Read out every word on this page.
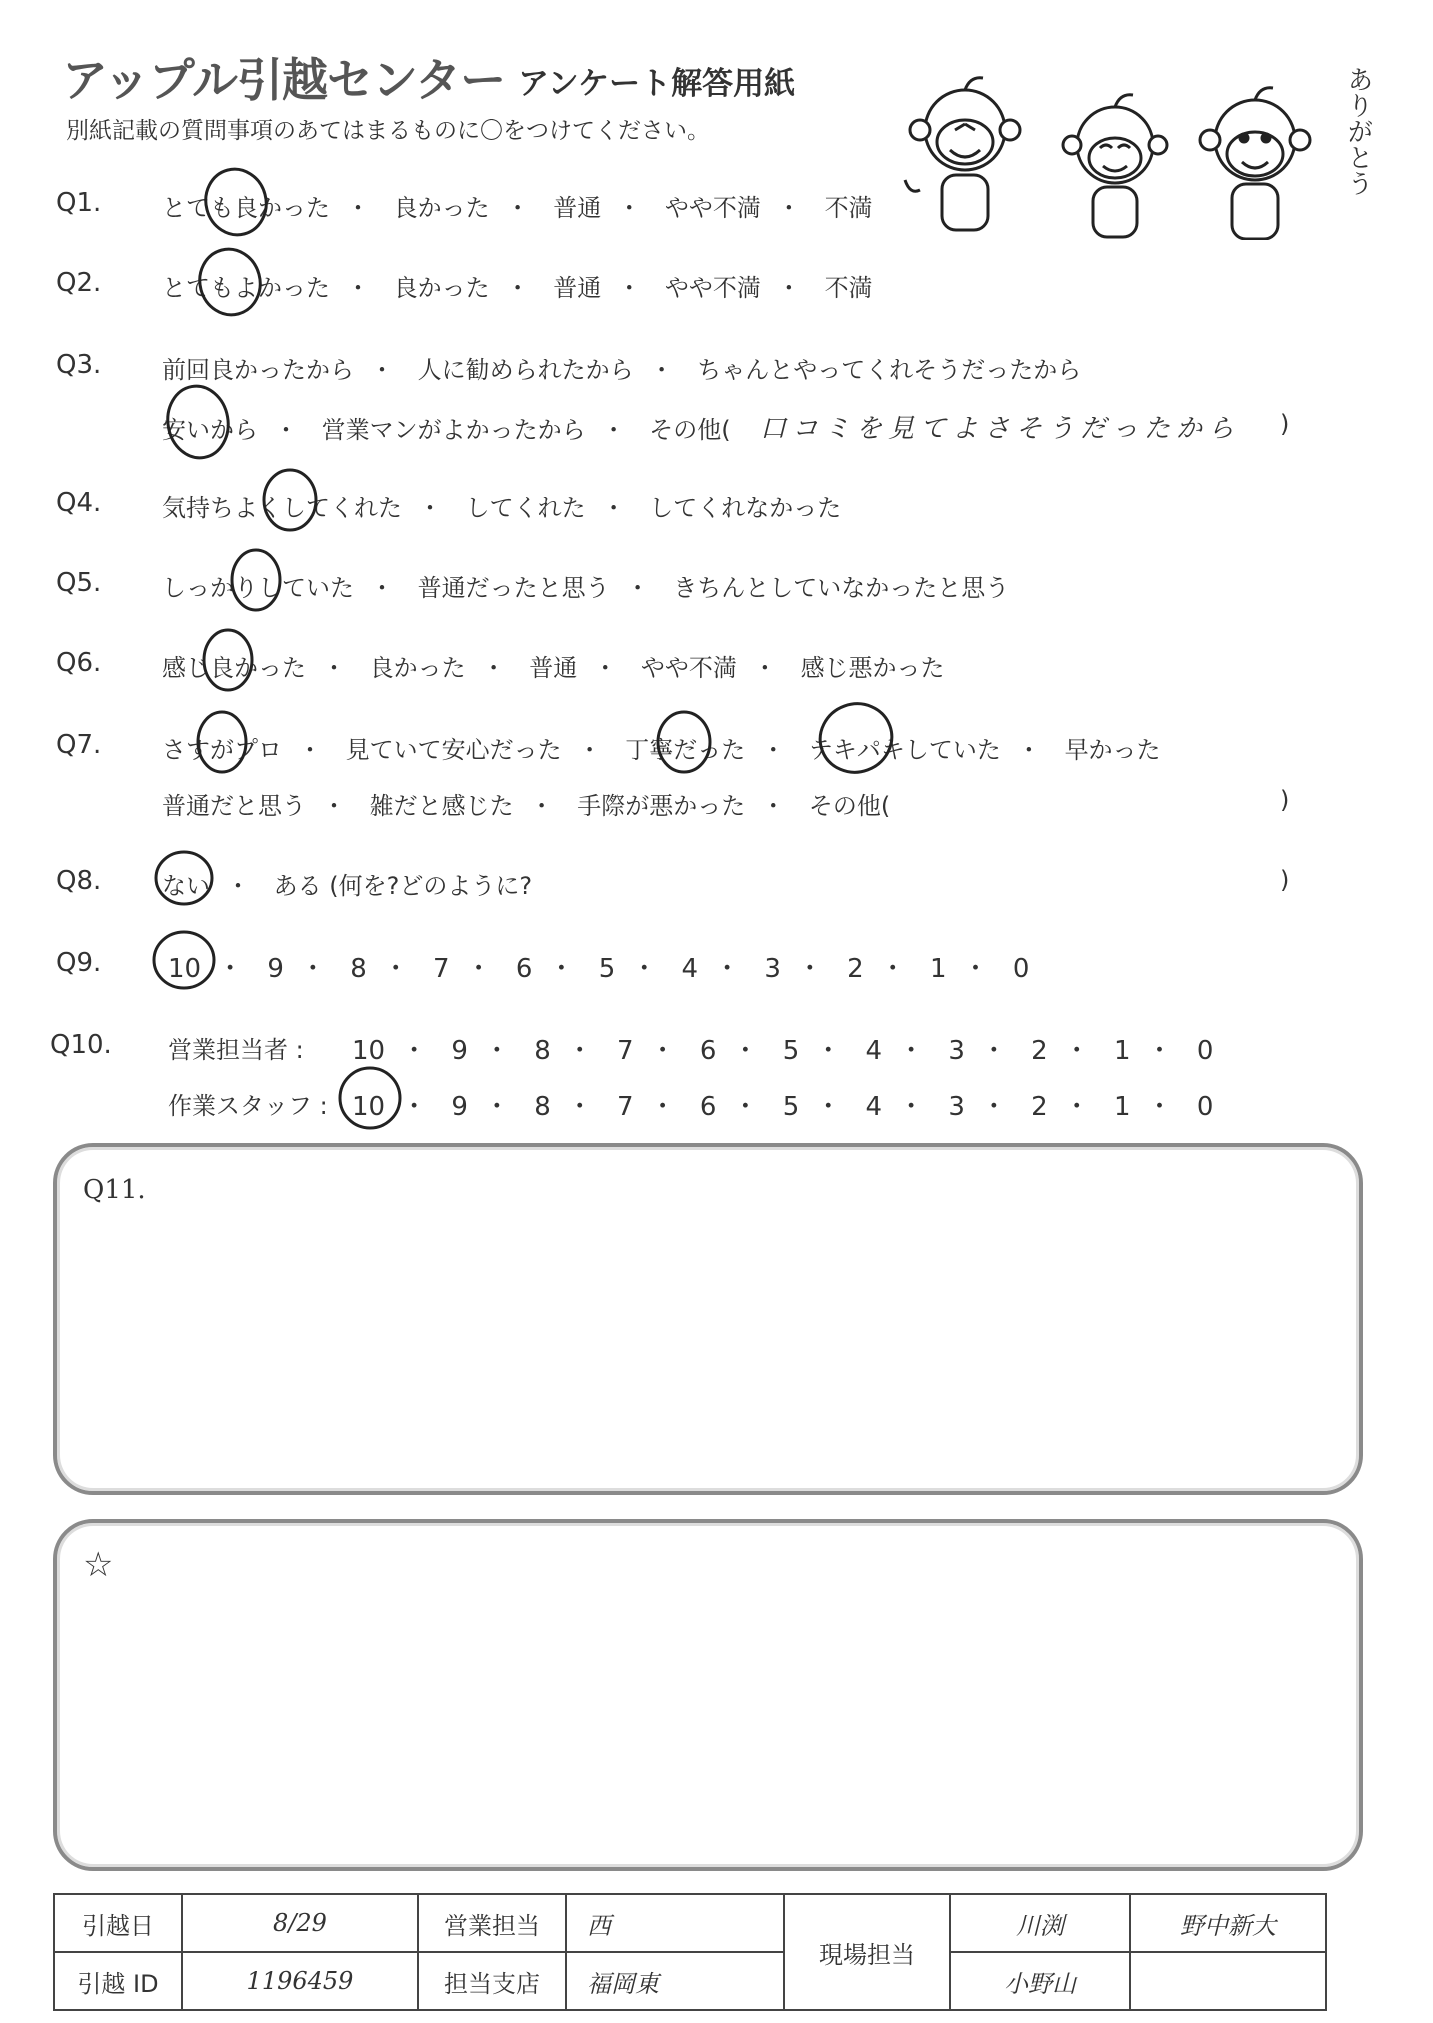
アップル引越センター アンケート解答用紙
別紙記載の質問事項のあてはまるものに〇をつけてください。	ありがとう
Q1.	とても良かった ・ 良かった ・ 普通 ・ やや不満 ・ 不満
Q2.	とてもよかった ・ 良かった ・ 普通 ・ やや不満 ・ 不満
Q3.	前回良かったから ・ 人に勧められたから ・ ちゃんとやってくれそうだったから
安いから ・ 営業マンがよかったから ・ その他( 口コミを見てよさそうだったから )
Q4.	気持ちよくしてくれた ・ してくれた ・ してくれなかった
Q5.	しっかりしていた ・ 普通だったと思う ・ きちんとしていなかったと思う
Q6.	感じ良かった ・ 良かった ・ 普通 ・ やや不満 ・ 感じ悪かった
Q7.	さすがプロ ・ 見ていて安心だった ・ 丁寧だった ・ テキパキしていた ・ 早かった
普通だと思う ・ 雑だと感じた ・ 手際が悪かった ・ その他(	)
Q8.	ない ・ ある (何を?どのように?	)
Q9.	10 ・ 9 ・ 8 ・ 7 ・ 6 ・ 5 ・ 4 ・ 3 ・ 2 ・ 1 ・ 0
Q10. 営業担当者 : 10 ・ 9 ・ 8 ・ 7 ・ 6 ・ 5 ・ 4 ・ 3 ・ 2 ・ 1 ・ 0
作業スタッフ : 10 ・ 9 ・ 8 ・ 7 ・ 6 ・ 5 ・ 4 ・ 3 ・ 2 ・ 1 ・ 0
Q11.
☆
引越日	8/29	営業担当	西	現場担当	川渕	野中新大
引越 ID	1196459	担当支店	福岡東		小野山	
